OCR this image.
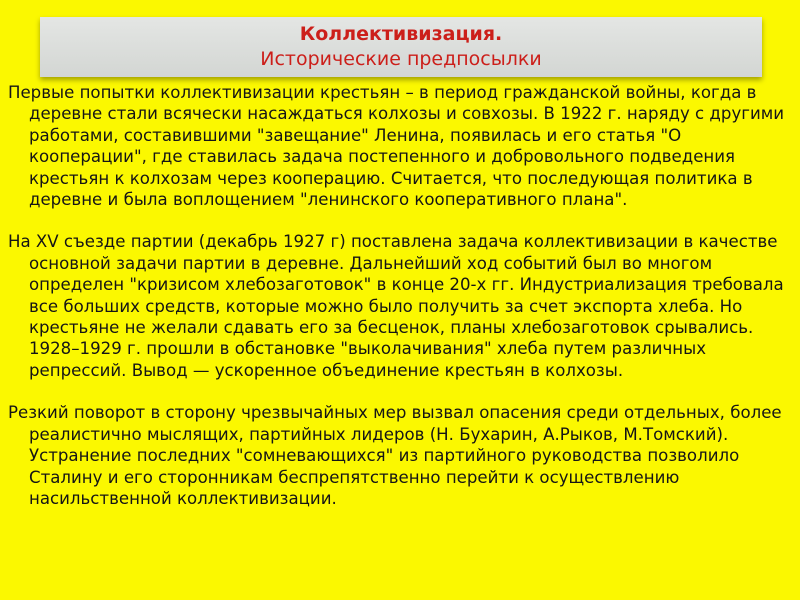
Коллективизация.
Исторические предпосылки

Первые попытки коллективизации крестьян – в период гражданской войны, когда в деревне стали всячески насаждаться колхозы и совхозы. В 1922 г. наряду с другими работами, составившими "завещание" Ленина, появилась и его статья "О кооперации", где ставилась задача постепенного и добровольного подведения крестьян к колхозам через кооперацию. Считается, что последующая политика в деревне и была воплощением "ленинского кооперативного плана".

На XV съезде партии (декабрь 1927 г) поставлена задача коллективизации в качестве основной задачи партии в деревне. Дальнейший ход событий был во многом определен "кризисом хлебозаготовок" в конце 20-х гг. Индустриализация требовала все больших средств, которые можно было получить за счет экспорта хлеба. Но крестьяне не желали сдавать его за бесценок, планы хлебозаготовок срывались. 1928–1929 г. прошли в обстановке "выколачивания" хлеба путем различных репрессий. Вывод — ускоренное объединение крестьян в колхозы.

Резкий поворот в сторону чрезвычайных мер вызвал опасения среди отдельных, более реалистично мыслящих, партийных лидеров (Н. Бухарин, А.Рыков, М.Томский). Устранение последних "сомневающихся" из партийного руководства позволило Сталину и его сторонникам беспрепятственно перейти к осуществлению насильственной коллективизации.
